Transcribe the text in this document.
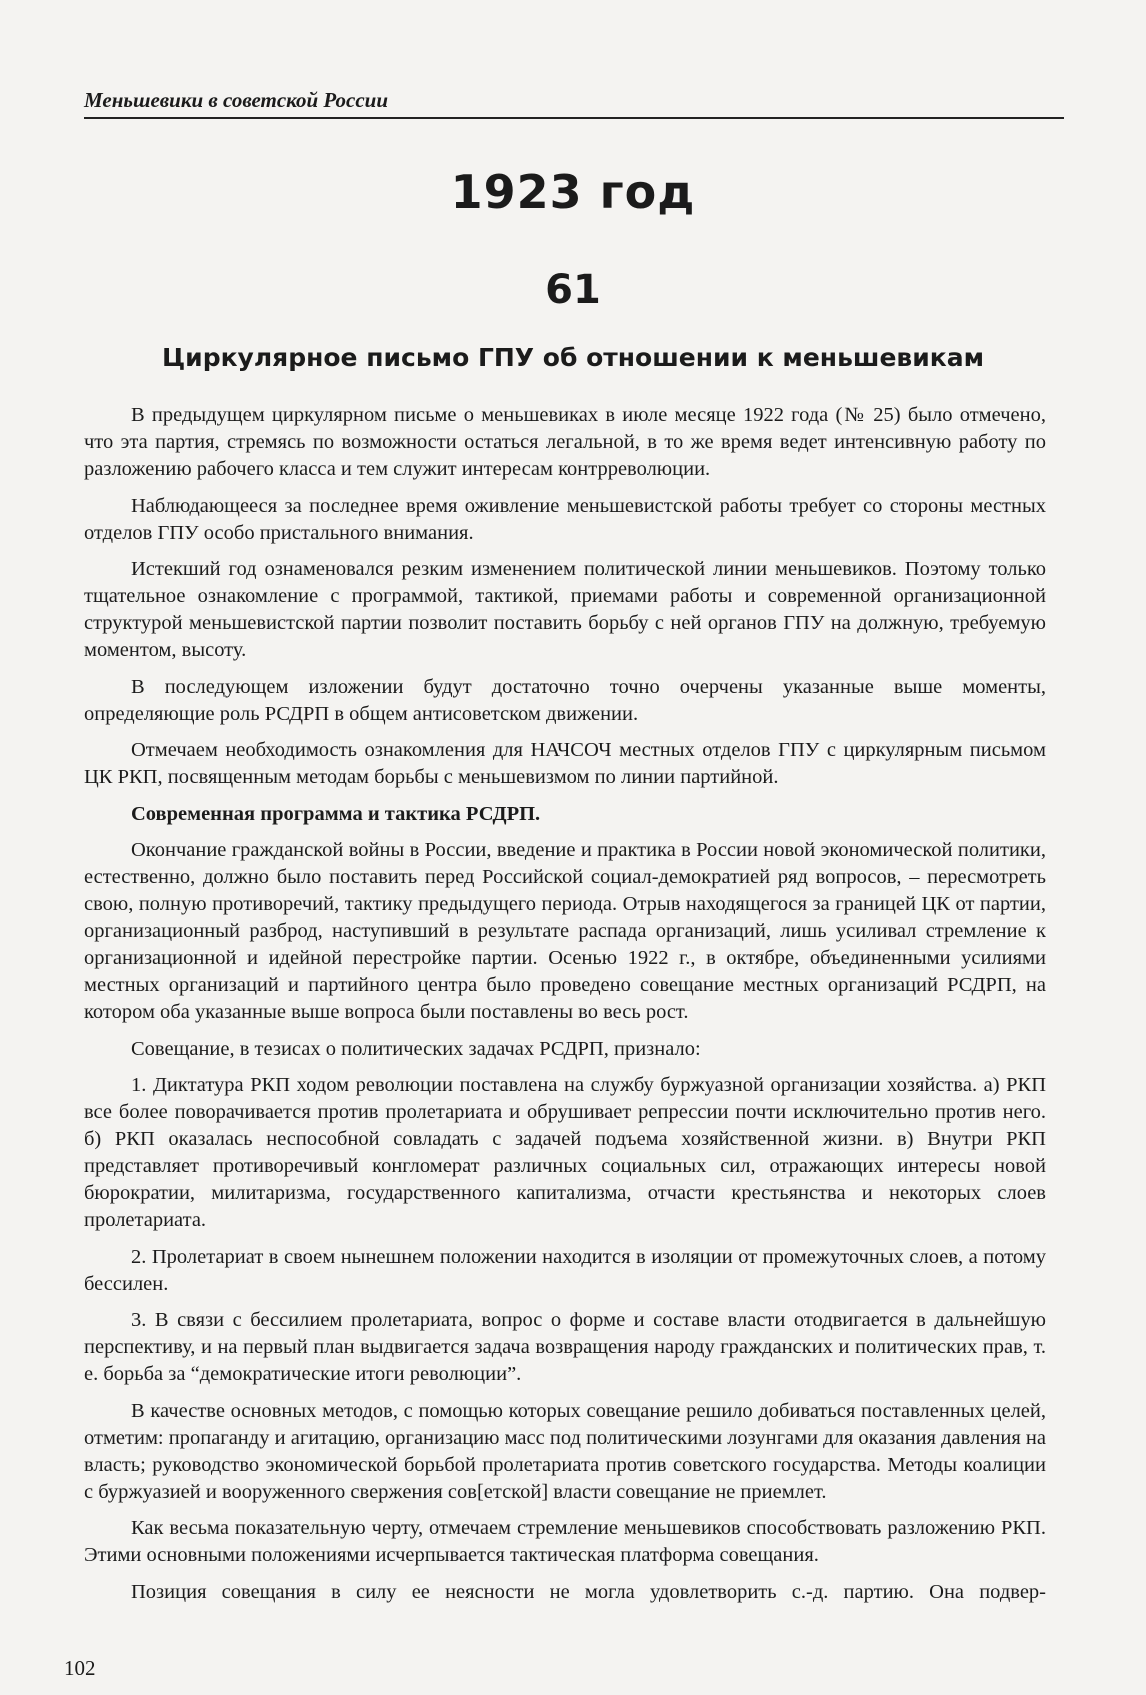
Меньшевики в советской России
1923 год
61
Циркулярное письмо ГПУ об отношении к меньшевикам

В предыдущем циркулярном письме о меньшевиках в июле месяце 1922 года (№ 25) было отмечено, что эта партия, стремясь по возможности остаться легальной, в то же время ведет интенсивную работу по разложению рабочего класса и тем служит интересам контрреволюции.

Наблюдающееся за последнее время оживление меньшевистской работы требует со стороны местных отделов ГПУ особо пристального внимания.

Истекший год ознаменовался резким изменением политической линии меньшевиков. Поэтому только тщательное ознакомление с программой, тактикой, приемами работы и современной организационной структурой меньшевистской партии позволит поставить борьбу с ней органов ГПУ на должную, требуемую моментом, высоту.

В последующем изложении будут достаточно точно очерчены указанные выше моменты, определяющие роль РСДРП в общем антисоветском движении.

Отмечаем необходимость ознакомления для НАЧСОЧ местных отделов ГПУ с циркулярным письмом ЦК РКП, посвященным методам борьбы с меньшевизмом по линии партийной.

Современная программа и тактика РСДРП.

Окончание гражданской войны в России, введение и практика в России новой экономической политики, естественно, должно было поставить перед Российской социал-демократией ряд вопросов, – пересмотреть свою, полную противоречий, тактику предыдущего периода. Отрыв находящегося за границей ЦК от партии, организационный разброд, наступивший в результате распада организаций, лишь усиливал стремление к организационной и идейной перестройке партии. Осенью 1922 г., в октябре, объединенными усилиями местных организаций и партийного центра было проведено совещание местных организаций РСДРП, на котором оба указанные выше вопроса были поставлены во весь рост.

Совещание, в тезисах о политических задачах РСДРП, признало:

1. Диктатура РКП ходом революции поставлена на службу буржуазной организации хозяйства. а) РКП все более поворачивается против пролетариата и обрушивает репрессии почти исключительно против него. б) РКП оказалась неспособной совладать с задачей подъема хозяйственной жизни. в) Внутри РКП представляет противоречивый конгломерат различных социальных сил, отражающих интересы новой бюрократии, милитаризма, государственного капитализма, отчасти крестьянства и некоторых слоев пролетариата.

2. Пролетариат в своем нынешнем положении находится в изоляции от промежуточных слоев, а потому бессилен.

3. В связи с бессилием пролетариата, вопрос о форме и составе власти отодвигается в дальнейшую перспективу, и на первый план выдвигается задача возвращения народу гражданских и политических прав, т. е. борьба за “демократические итоги революции”.

В качестве основных методов, с помощью которых совещание решило добиваться поставленных целей, отметим: пропаганду и агитацию, организацию масс под политическими лозунгами для оказания давления на власть; руководство экономической борьбой пролетариата против советского государства. Методы коалиции с буржуазией и вооруженного свержения сов[етской] власти совещание не приемлет.

Как весьма показательную черту, отмечаем стремление меньшевиков способствовать разложению РКП. Этими основными положениями исчерпывается тактическая платформа совещания.

Позиция совещания в силу ее неясности не могла удовлетворить с.-д. партию. Она подвер-

102
